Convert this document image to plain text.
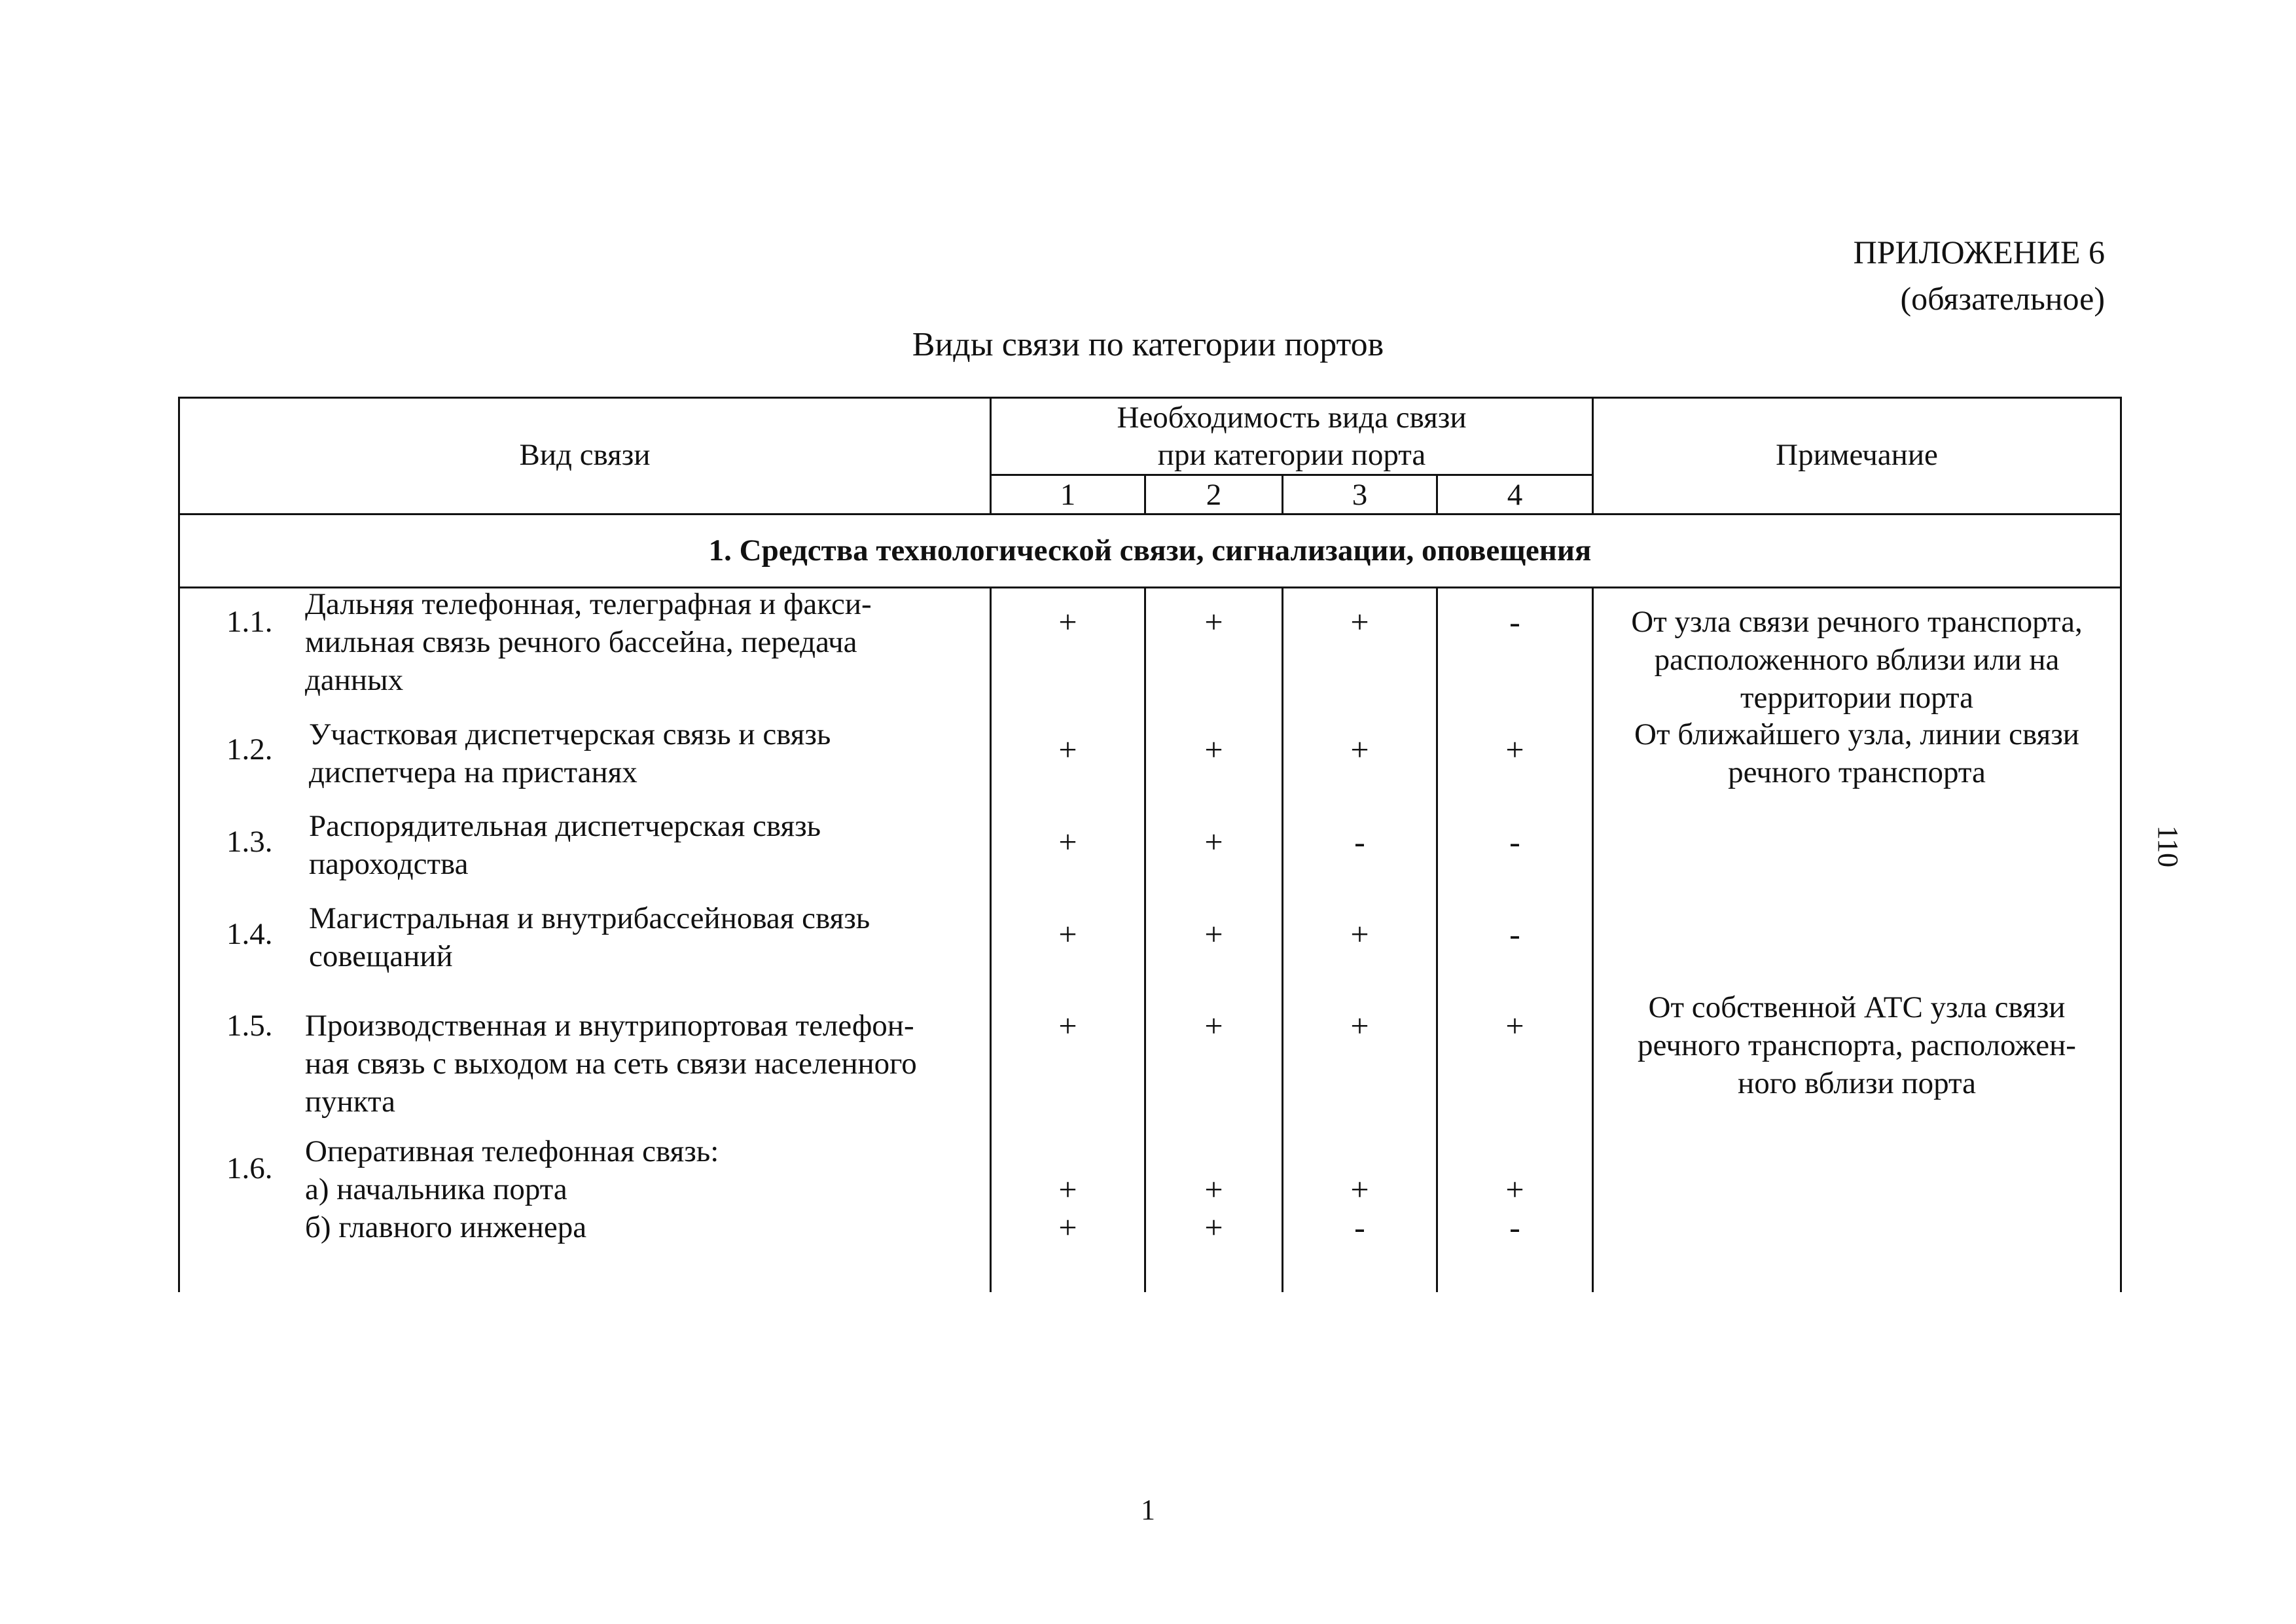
ПРИЛОЖЕНИЕ 6
(обязательное)
Виды связи по категории портов
110
Вид связи
Необходимость вида связи
при категории порта
1	2	3	4
Примечание
1. Средства технологической связи, сигнализации, оповещения
1.1.
Дальняя телефонная, телеграфная и факси-
мильная связь речного бассейна, передача
данных
+	+	+	-	От узла связи речного транспорта,
расположенного вблизи или на
территории порта
1.2. Участковая диспетчерская связь и связь
диспетчера на пристанях
+	+	+	+	От ближайшего узла, линии связи
речного транспорта
1.3. Распорядительная диспетчерская связь
пароходства
+	+	-	-
1.4. Магистральная и внутрибассейновая связь
совещаний
+	+	+	-
1.5. Производственная и внутрипортовая телефон-
ная связь с выходом на сеть связи населенного
пункта
+	+	+	+	От собственной АТС узла связи
речного транспорта, расположен-
ного вблизи порта
1.6. Оперативная телефонная связь:
а) начальника порта
б) главного инженера
+	+	+	+
+	+	-	-
1
